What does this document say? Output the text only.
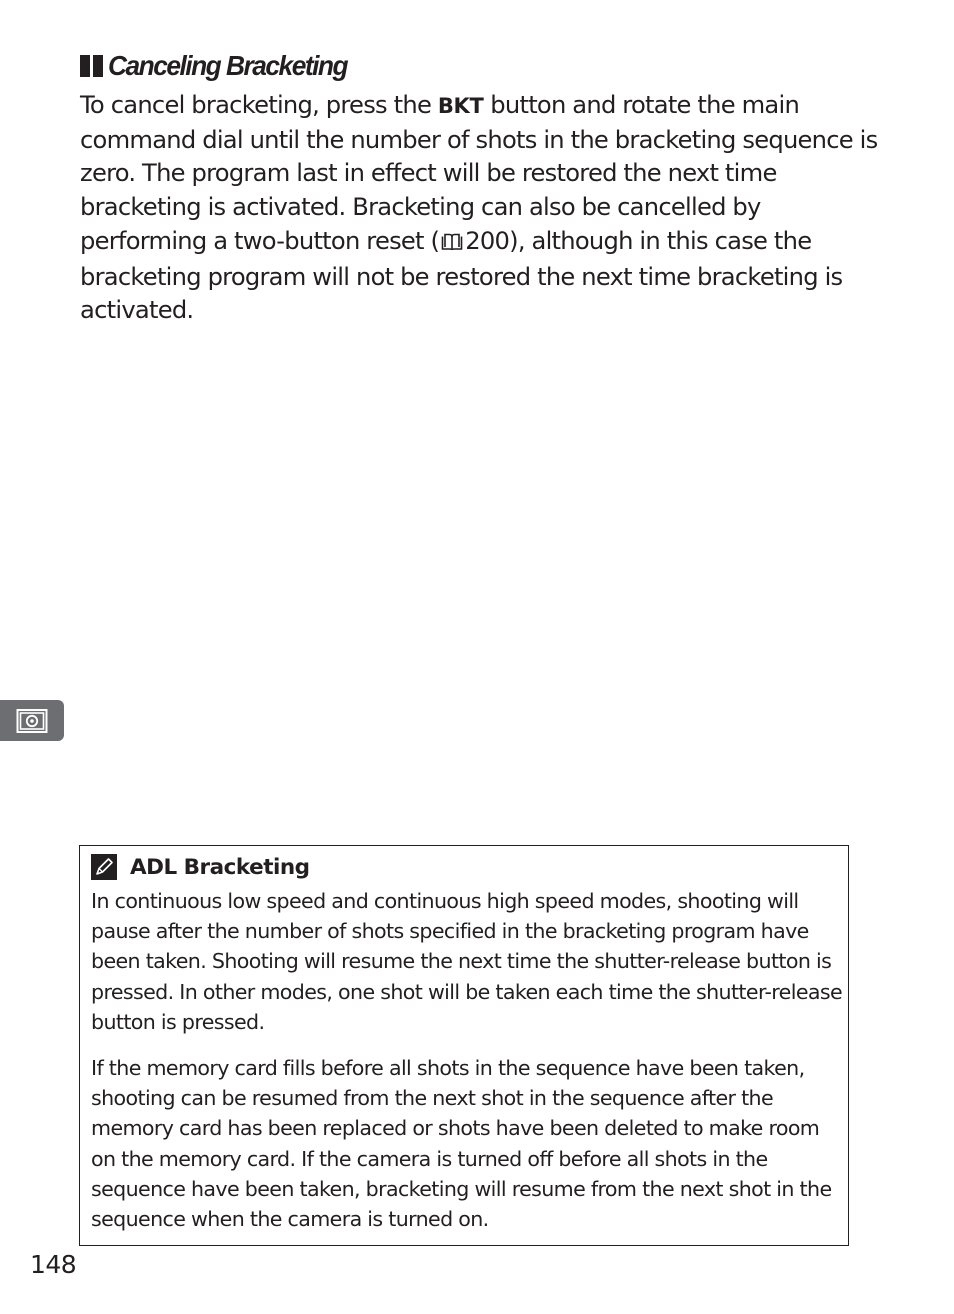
Canceling Bracketing

To cancel bracketing, press the BKT button and rotate the main command dial until the number of shots in the bracketing sequence is zero. The program last in effect will be restored the next time bracketing is activated. Bracketing can also be cancelled by performing a two-button reset ( 200), although in this case the bracketing program will not be restored the next time bracketing is activated.

ADL Bracketing

In continuous low speed and continuous high speed modes, shooting will pause after the number of shots specified in the bracketing program have been taken. Shooting will resume the next time the shutter-release button is pressed. In other modes, one shot will be taken each time the shutter-release button is pressed.

If the memory card fills before all shots in the sequence have been taken, shooting can be resumed from the next shot in the sequence after the memory card has been replaced or shots have been deleted to make room on the memory card. If the camera is turned off before all shots in the sequence have been taken, bracketing will resume from the next shot in the sequence when the camera is turned on.

148
